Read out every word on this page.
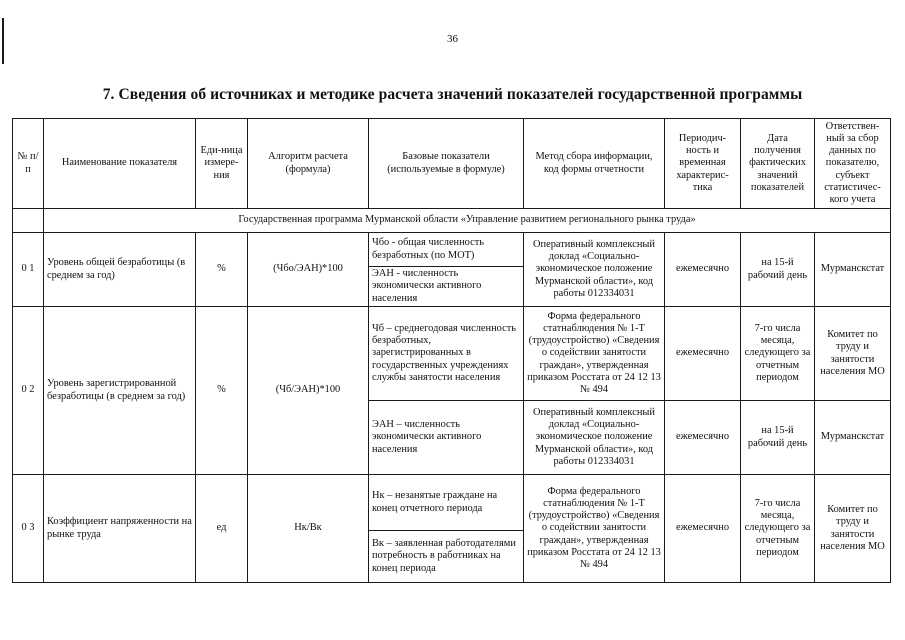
36
7. Сведения об источниках и методике расчета значений показателей государственной программы
№ п/п	Наименование показателя	Еди-ница измере-ния	Алгоритм расчета (формула)	Базовые показатели (используемые в формуле)	Метод сбора информации, код формы отчетности	Периодич-ность и временная характерис-тика	Дата получения фактических значений показателей	Ответствен-ный за сбор данных по показателю, субъект статистичес-кого учета
	Государственная программа Мурманской области «Управление развитием регионального рынка труда»							
0 1	Уровень общей безработицы (в среднем за год)	%	(Чбо/ЭАН)*100	Чбо - общая численность безработных (по МОТ)	Оперативный комплексный доклад «Социально-экономическое положение Мурманской области», код работы 012334031	ежемесячно	на 15-й рабочий день	Мурманскстат
				ЭАН - численность экономически активного населения				
0 2	Уровень зарегистрированной безработицы (в среднем за год)	%	(Чб/ЭАН)*100	Чб – среднегодовая численность безработных, зарегистрированных в государственных учреждениях службы занятости населения	Форма федерального статнаблюдения № 1-Т (трудоустройство) «Сведения о содействии занятости граждан», утвержденная приказом Росстата от 24 12 13 № 494	ежемесячно	7-го числа месяца, следующего за отчетным периодом	Комитет по труду и занятости населения МО
				ЭАН – численность экономически активного населения	Оперативный комплексный доклад «Социально-экономическое положение Мурманской области», код работы 012334031	ежемесячно	на 15-й рабочий день	Мурманскстат
0 3	Коэффициент напряженности на рынке труда	ед	Нк/Вк	Нк – незанятые граждане на конец отчетного периода	Форма федерального статнаблюдения № 1-Т (трудоустройство) «Сведения о содействии занятости граждан», утвержденная приказом Росстата от 24 12 13 № 494	ежемесячно	7-го числа месяца, следующего за отчетным периодом	Комитет по труду и занятости населения МО
				Вк – заявленная работодателями потребность в работниках на конец периода				
